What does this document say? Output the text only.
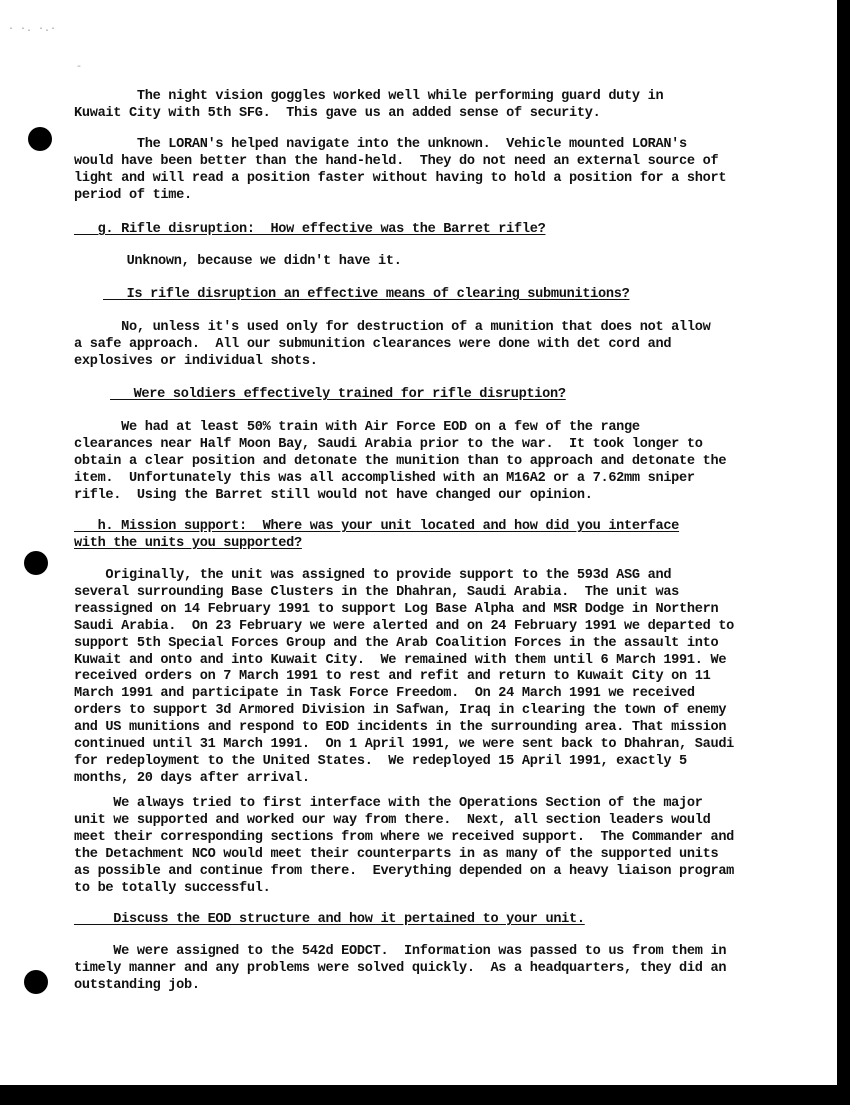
· ·. ·.·
-

The night vision goggles worked well while performing guard duty in
Kuwait City with 5th SFG.  This gave us an added sense of security.

The LORAN's helped navigate into the unknown.  Vehicle mounted LORAN's
would have been better than the hand-held.  They do not need an external source of
light and will read a position faster without having to hold a position for a short
period of time.

g. Rifle disruption:  How effective was the Barret rifle?

Unknown, because we didn't have it.

Is rifle disruption an effective means of clearing submunitions?

No, unless it's used only for destruction of a munition that does not allow
a safe approach.  All our submunition clearances were done with det cord and
explosives or individual shots.

Were soldiers effectively trained for rifle disruption?

We had at least 50% train with Air Force EOD on a few of the range
clearances near Half Moon Bay, Saudi Arabia prior to the war.  It took longer to
obtain a clear position and detonate the munition than to approach and detonate the
item.  Unfortunately this was all accomplished with an M16A2 or a 7.62mm sniper
rifle.  Using the Barret still would not have changed our opinion.

h. Mission support:  Where was your unit located and how did you interface
with the units you supported?

Originally, the unit was assigned to provide support to the 593d ASG and
several surrounding Base Clusters in the Dhahran, Saudi Arabia.  The unit was
reassigned on 14 February 1991 to support Log Base Alpha and MSR Dodge in Northern
Saudi Arabia.  On 23 February we were alerted and on 24 February 1991 we departed to
support 5th Special Forces Group and the Arab Coalition Forces in the assault into
Kuwait and onto and into Kuwait City.  We remained with them until 6 March 1991. We
received orders on 7 March 1991 to rest and refit and return to Kuwait City on 11
March 1991 and participate in Task Force Freedom.  On 24 March 1991 we received
orders to support 3d Armored Division in Safwan, Iraq in clearing the town of enemy
and US munitions and respond to EOD incidents in the surrounding area. That mission
continued until 31 March 1991.  On 1 April 1991, we were sent back to Dhahran, Saudi
for redeployment to the United States.  We redeployed 15 April 1991, exactly 5
months, 20 days after arrival.

We always tried to first interface with the Operations Section of the major
unit we supported and worked our way from there.  Next, all section leaders would
meet their corresponding sections from where we received support.  The Commander and
the Detachment NCO would meet their counterparts in as many of the supported units
as possible and continue from there.  Everything depended on a heavy liaison program
to be totally successful.

Discuss the EOD structure and how it pertained to your unit.

We were assigned to the 542d EODCT.  Information was passed to us from them in
timely manner and any problems were solved quickly.  As a headquarters, they did an
outstanding job.
